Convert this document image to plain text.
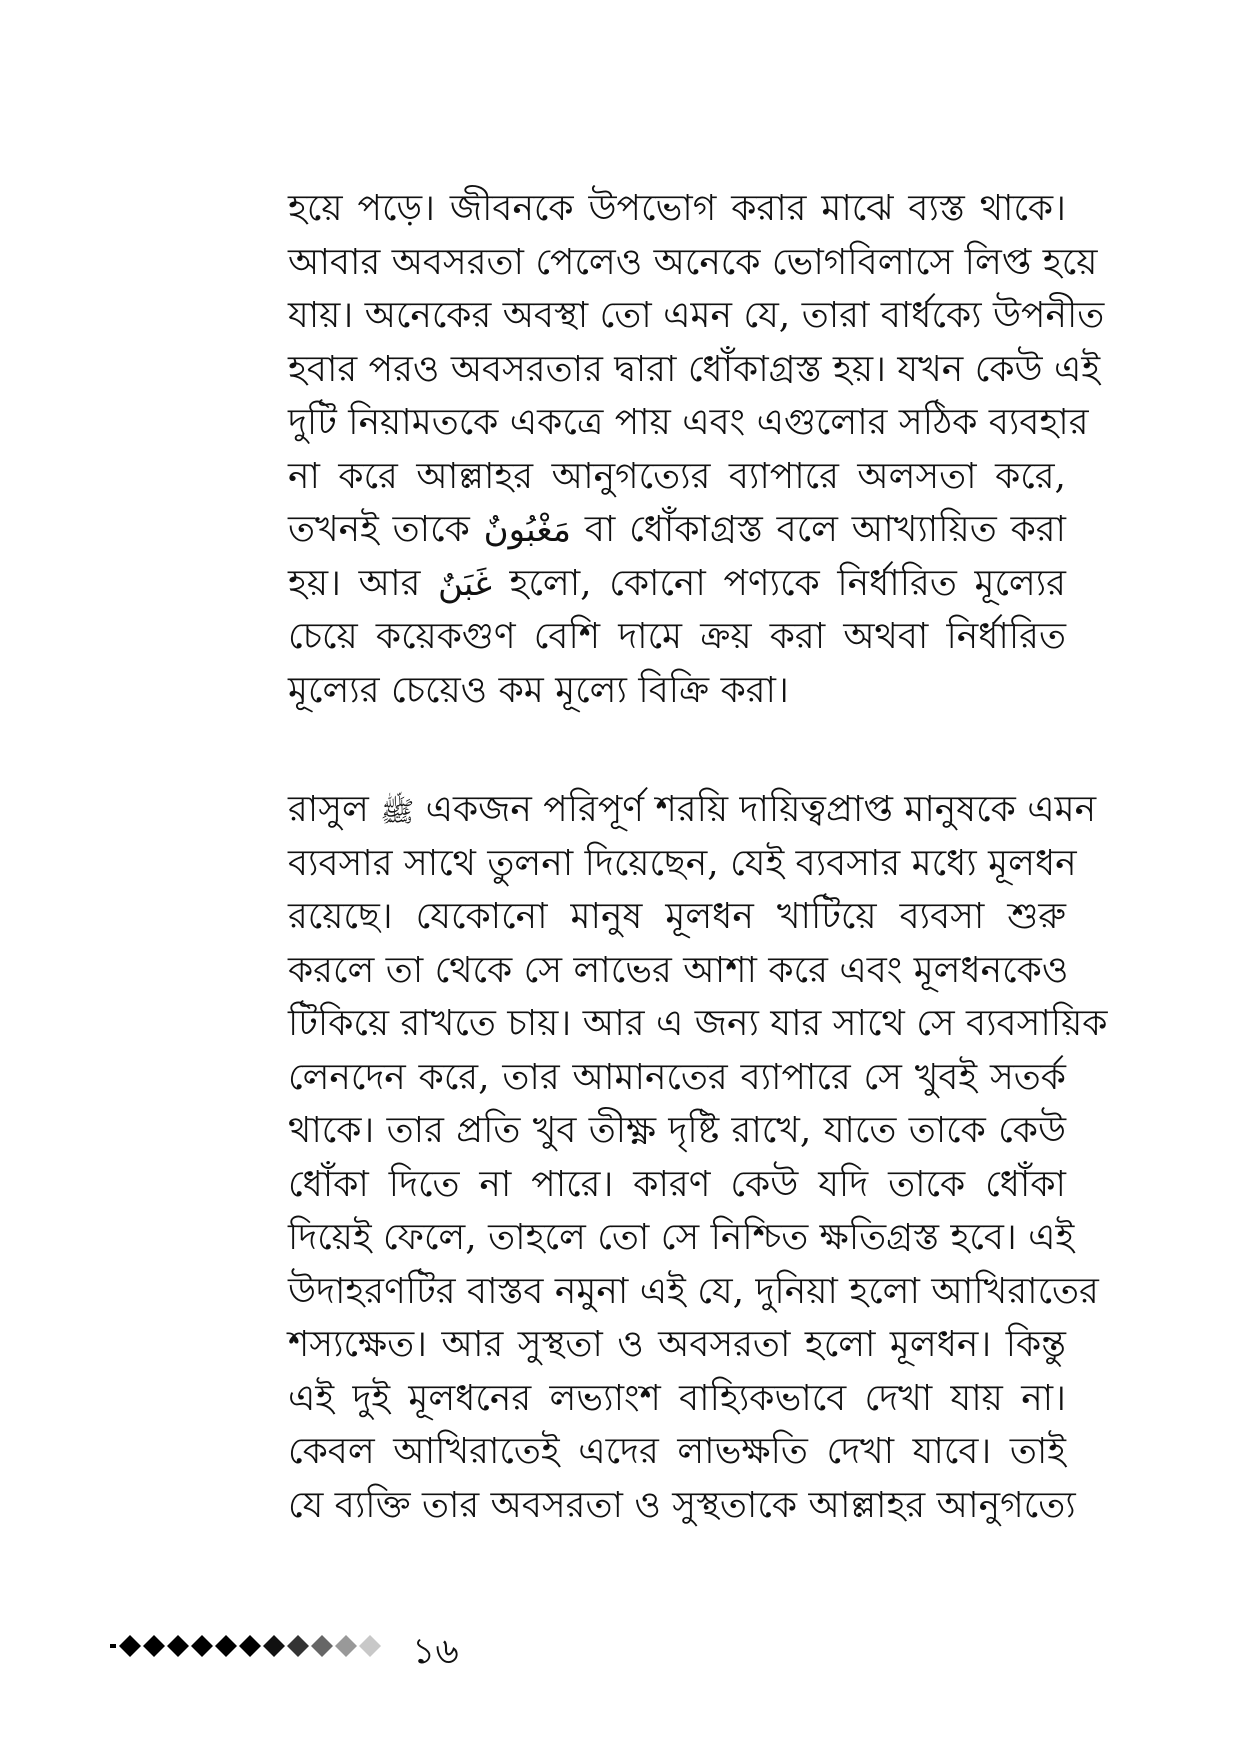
হয়ে পড়ে। জীবনকে উপভোগ করার মাঝে ব্যস্ত থাকে।
আবার অবসরতা পেলেও অনেকে ভোগবিলাসে লিপ্ত হয়ে
যায়। অনেকের অবস্থা তো এমন যে, তারা বার্ধক্যে উপনীত
হবার পরও অবসরতার দ্বারা ধোঁকাগ্রস্ত হয়। যখন কেউ এই
দুটি নিয়ামতকে একত্রে পায় এবং এগুলোর সঠিক ব্যবহার
না করে আল্লাহর আনুগত্যের ব্যাপারে অলসতা করে,
তখনই তাকে مَغْبُونٌ বা ধোঁকাগ্রস্ত বলে আখ্যায়িত করা
হয়। আর غَبَنٌ হলো, কোনো পণ্যকে নির্ধারিত মূল্যের
চেয়ে কয়েকগুণ বেশি দামে ক্রয় করা অথবা নির্ধারিত
মূল্যের চেয়েও কম মূল্যে বিক্রি করা।
রাসুল ﷺ একজন পরিপূর্ণ শরয়ি দায়িত্বপ্রাপ্ত মানুষকে এমন
ব্যবসার সাথে তুলনা দিয়েছেন, যেই ব্যবসার মধ্যে মূলধন
রয়েছে। যেকোনো মানুষ মূলধন খাটিয়ে ব্যবসা শুরু
করলে তা থেকে সে লাভের আশা করে এবং মূলধনকেও
টিকিয়ে রাখতে চায়। আর এ জন্য যার সাথে সে ব্যবসায়িক
লেনদেন করে, তার আমানতের ব্যাপারে সে খুবই সতর্ক
থাকে। তার প্রতি খুব তীক্ষ্ণ দৃষ্টি রাখে, যাতে তাকে কেউ
ধোঁকা দিতে না পারে। কারণ কেউ যদি তাকে ধোঁকা
দিয়েই ফেলে, তাহলে তো সে নিশ্চিত ক্ষতিগ্রস্ত হবে। এই
উদাহরণটির বাস্তব নমুনা এই যে, দুনিয়া হলো আখিরাতের
শস্যক্ষেত। আর সুস্থতা ও অবসরতা হলো মূলধন। কিন্তু
এই দুই মূলধনের লভ্যাংশ বাহ্যিকভাবে দেখা যায় না।
কেবল আখিরাতেই এদের লাভক্ষতি দেখা যাবে। তাই
যে ব্যক্তি তার অবসরতা ও সুস্থতাকে আল্লাহর আনুগত্যে
১৬
